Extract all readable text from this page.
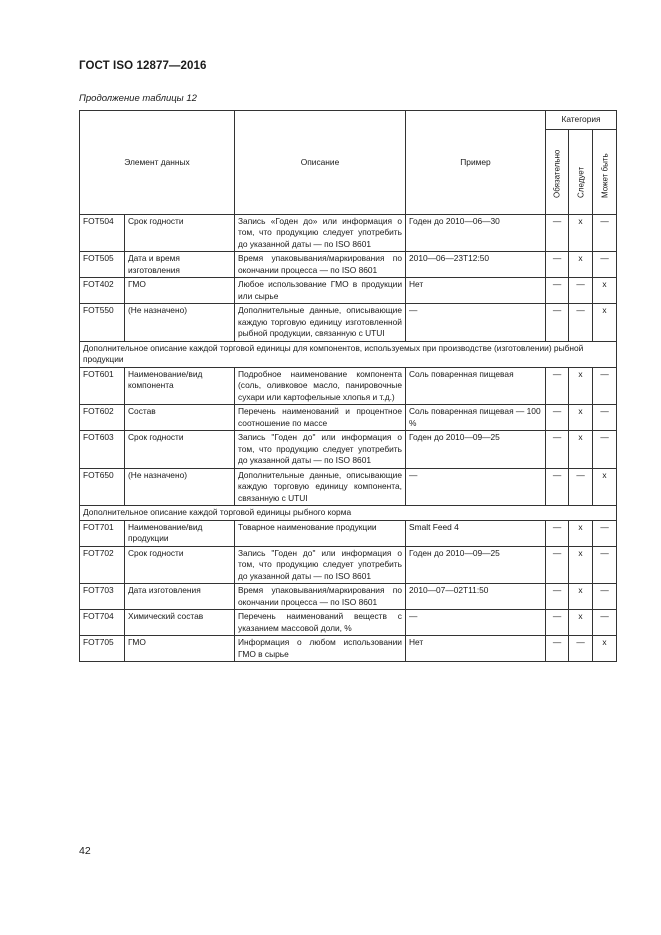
ГОСТ ISO 12877—2016
Продолжение таблицы 12
Элемент данных		Описание	Пример	Категория		

				Обязательно	Следует	Может быть

FOT504	Срок годности	Запись «Годен до» или информация о том, что продукцию следует употребить до указанной даты — по ISO 8601	Годен до 2010—06—30	—	x	—
FOT505	Дата и время изготовления	Время упаковывания/маркирования по окончании процесса — по ISO 8601	2010—06—23T12:50	—	x	—
FOT402	ГМО	Любое использование ГМО в продукции или сырье	Нет	—	—	x
FOT550	(Не назначено)	Дополнительные данные, описывающие каждую торговую единицу изготовленной рыбной продукции, связанную с UTUI	—	—	—	x
Дополнительное описание каждой торговой единицы для компонентов, используемых при производстве (изготовлении) рыбной продукции						
FOT601	Наименование/вид компонента	Подробное наименование компонента (соль, оливковое масло, панировочные сухари или картофельные хлопья и т.д.)	Соль поваренная пищевая	—	x	—
FOT602	Состав	Перечень наименований и процентное соотношение по массе	Соль поваренная пищевая — 100 %	—	x	—
FOT603	Срок годности	Запись "Годен до" или информация о том, что продукцию следует употребить до указанной даты — по ISO 8601	Годен до 2010—09—25	—	x	—
FOT650	(Не назначено)	Дополнительные данные, описывающие каждую торговую единицу компонента, связанную с UTUI	—	—	—	x
Дополнительное описание каждой торговой единицы рыбного корма						
FOT701	Наименование/вид продукции	Товарное наименование продукции	Smalt Feed 4	—	x	—
FOT702	Срок годности	Запись "Годен до" или информация о том, что продукцию следует употребить до указанной даты — по ISO 8601	Годен до 2010—09—25	—	x	—
FOT703	Дата изготовления	Время упаковывания/маркирования по окончании процесса — по ISO 8601	2010—07—02T11:50	—	x	—
FOT704	Химический состав	Перечень наименований веществ с указанием массовой доли, %	—	—	x	—
FOT705	ГМО	Информация о любом использовании ГМО в сырье	Нет	—	—	x
42
